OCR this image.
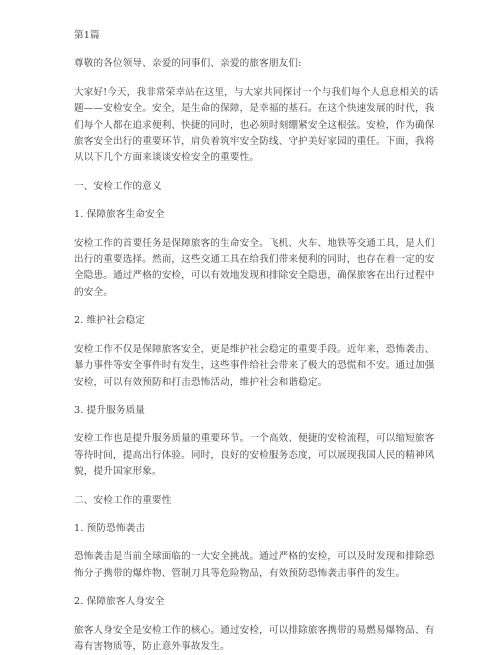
第1篇

尊敬的各位领导、亲爱的同事们、亲爱的旅客朋友们:

大家好!今天，我非常荣幸站在这里，与大家共同探讨一个与我们每个人息息相关的话题——安检安全。安全，是生命的保障，是幸福的基石。在这个快速发展的时代，我们每个人都在追求便利、快捷的同时，也必须时刻绷紧安全这根弦。安检，作为确保旅客安全出行的重要环节，肩负着筑牢安全防线、守护美好家园的重任。下面，我将从以下几个方面来谈谈安检安全的重要性。

一、安检工作的意义

1. 保障旅客生命安全

安检工作的首要任务是保障旅客的生命安全。飞机、火车、地铁等交通工具，是人们出行的重要选择。然而，这些交通工具在给我们带来便利的同时，也存在着一定的安全隐患。通过严格的安检，可以有效地发现和排除安全隐患，确保旅客在出行过程中的安全。

2. 维护社会稳定

安检工作不仅是保障旅客安全，更是维护社会稳定的重要手段。近年来，恐怖袭击、暴力事件等安全事件时有发生，这些事件给社会带来了极大的恐慌和不安。通过加强安检，可以有效预防和打击恐怖活动，维护社会和谐稳定。

3. 提升服务质量

安检工作也是提升服务质量的重要环节。一个高效、便捷的安检流程，可以缩短旅客等待时间，提高出行体验。同时，良好的安检服务态度，可以展现我国人民的精神风貌，提升国家形象。

二、安检工作的重要性

1. 预防恐怖袭击

恐怖袭击是当前全球面临的一大安全挑战。通过严格的安检，可以及时发现和排除恐怖分子携带的爆炸物、管制刀具等危险物品，有效预防恐怖袭击事件的发生。

2. 保障旅客人身安全

旅客人身安全是安检工作的核心。通过安检，可以排除旅客携带的易燃易爆物品、有毒有害物质等，防止意外事故发生。
